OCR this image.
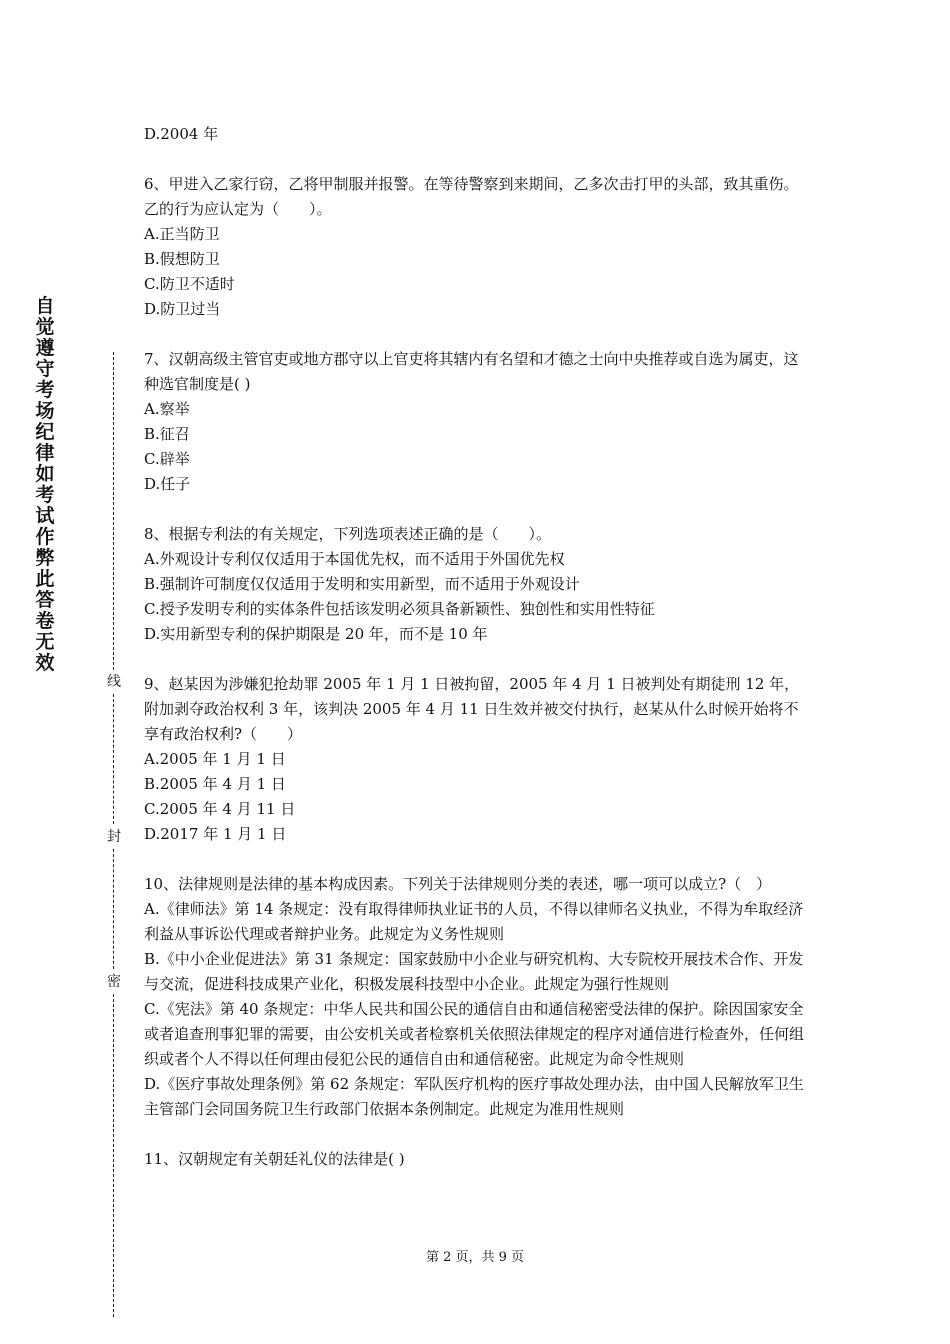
自
觉
遵
守
考
场
纪
律
如
考
试
作
弊
此
答
卷
无
效
线
封
密
D.2004 年
6、甲进入乙家行窃，乙将甲制服并报警。在等待警察到来期间，乙多次击打甲的头部，致其重伤。乙的行为应认定为（　　）。
A.正当防卫
B.假想防卫
C.防卫不适时
D.防卫过当
7、汉朝高级主管官吏或地方郡守以上官吏将其辖内有名望和才德之士向中央推荐或自选为属吏，这种选官制度是( )
A.察举
B.征召
C.辟举
D.任子
8、根据专利法的有关规定，下列选项表述正确的是（　　）。
A.外观设计专利仅仅适用于本国优先权，而不适用于外国优先权
B.强制许可制度仅仅适用于发明和实用新型，而不适用于外观设计
C.授予发明专利的实体条件包括该发明必须具备新颖性、独创性和实用性特征
D.实用新型专利的保护期限是 20 年，而不是 10 年
9、赵某因为涉嫌犯抢劫罪 2005 年 1 月 1 日被拘留，2005 年 4 月 1 日被判处有期徒刑 12 年，附加剥夺政治权利 3 年，该判决 2005 年 4 月 11 日生效并被交付执行，赵某从什么时候开始将不享有政治权利?（　　）
A.2005 年 1 月 1 日
B.2005 年 4 月 1 日
C.2005 年 4 月 11 日
D.2017 年 1 月 1 日
10、法律规则是法律的基本构成因素。下列关于法律规则分类的表述，哪一项可以成立?（　）
A.《律师法》第 14 条规定：没有取得律师执业证书的人员，不得以律师名义执业，不得为牟取经济利益从事诉讼代理或者辩护业务。此规定为义务性规则
B.《中小企业促进法》第 31 条规定：国家鼓励中小企业与研究机构、大专院校开展技术合作、开发与交流，促进科技成果产业化，积极发展科技型中小企业。此规定为强行性规则
C.《宪法》第 40 条规定：中华人民共和国公民的通信自由和通信秘密受法律的保护。除因国家安全或者追查刑事犯罪的需要，由公安机关或者检察机关依照法律规定的程序对通信进行检查外，任何组织或者个人不得以任何理由侵犯公民的通信自由和通信秘密。此规定为命令性规则
D.《医疗事故处理条例》第 62 条规定：军队医疗机构的医疗事故处理办法，由中国人民解放军卫生主管部门会同国务院卫生行政部门依据本条例制定。此规定为准用性规则
11、汉朝规定有关朝廷礼仪的法律是( )
第 2 页，共 9 页
